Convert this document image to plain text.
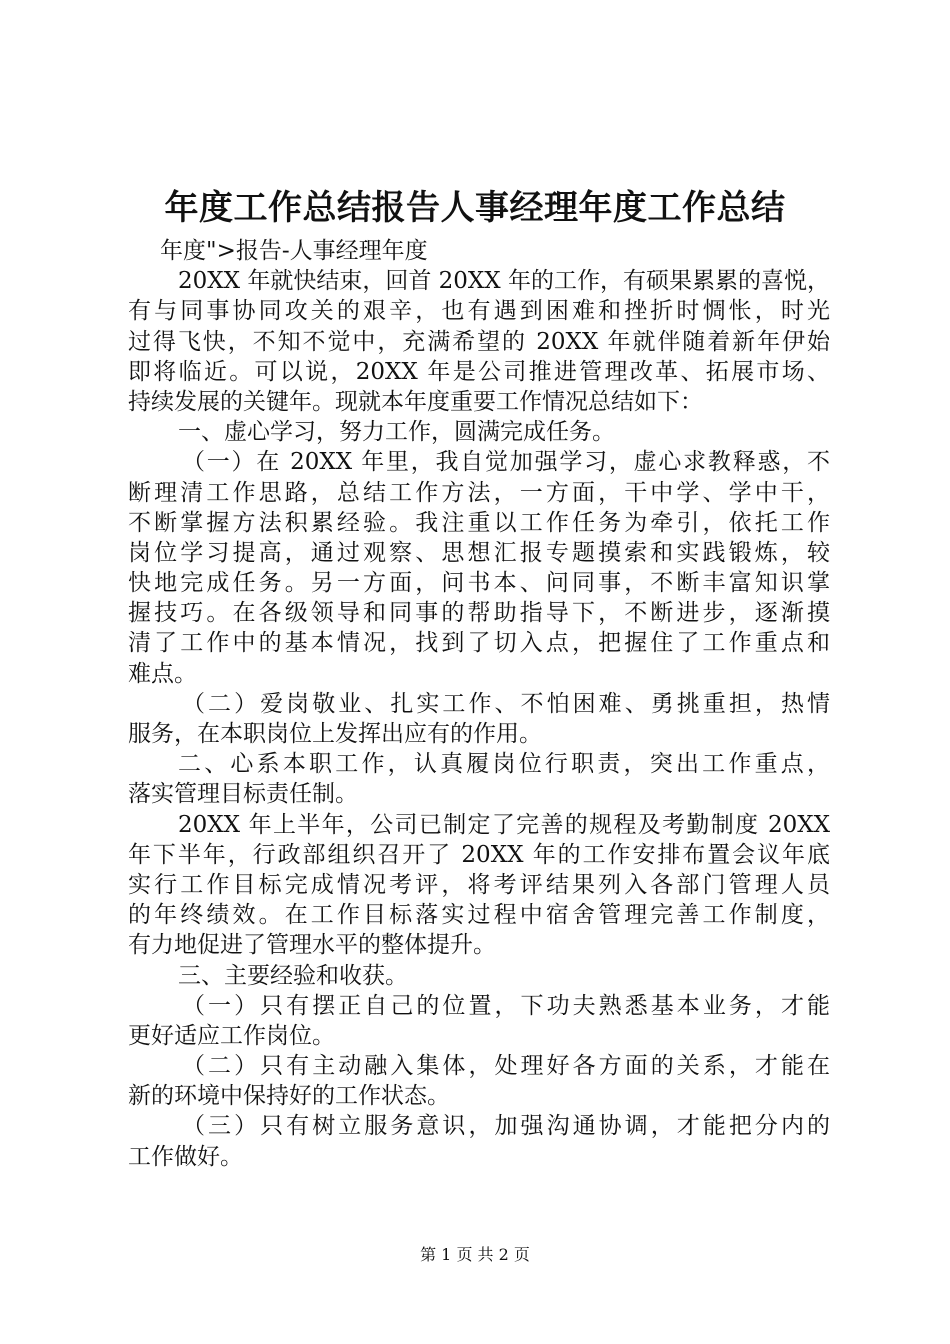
年度工作总结报告人事经理年度工作总结
年度">报告-人事经理年度
20XX 年就快结束，回首 20XX 年的工作，有硕果累累的喜悦，
有与同事协同攻关的艰辛，也有遇到困难和挫折时惆怅，时光
过得飞快，不知不觉中，充满希望的 20XX 年就伴随着新年伊始
即将临近。可以说，20XX 年是公司推进管理改革、拓展市场、
持续发展的关键年。现就本年度重要工作情况总结如下：
一、虚心学习，努力工作，圆满完成任务。
（一）在 20XX 年里，我自觉加强学习，虚心求教释惑，不
断理清工作思路，总结工作方法，一方面，干中学、学中干，
不断掌握方法积累经验。我注重以工作任务为牵引，依托工作
岗位学习提高，通过观察、思想汇报专题摸索和实践锻炼，较
快地完成任务。另一方面，问书本、问同事，不断丰富知识掌
握技巧。在各级领导和同事的帮助指导下，不断进步，逐渐摸
清了工作中的基本情况，找到了切入点，把握住了工作重点和
难点。
（二）爱岗敬业、扎实工作、不怕困难、勇挑重担，热情
服务，在本职岗位上发挥出应有的作用。
二、心系本职工作，认真履岗位行职责，突出工作重点，
落实管理目标责任制。
20XX 年上半年，公司已制定了完善的规程及考勤制度 20XX
年下半年，行政部组织召开了 20XX 年的工作安排布置会议年底
实行工作目标完成情况考评，将考评结果列入各部门管理人员
的年终绩效。在工作目标落实过程中宿舍管理完善工作制度，
有力地促进了管理水平的整体提升。
三、主要经验和收获。
（一）只有摆正自己的位置，下功夫熟悉基本业务，才能
更好适应工作岗位。
（二）只有主动融入集体，处理好各方面的关系，才能在
新的环境中保持好的工作状态。
（三）只有树立服务意识，加强沟通协调，才能把分内的
工作做好。
第 1 页 共 2 页
